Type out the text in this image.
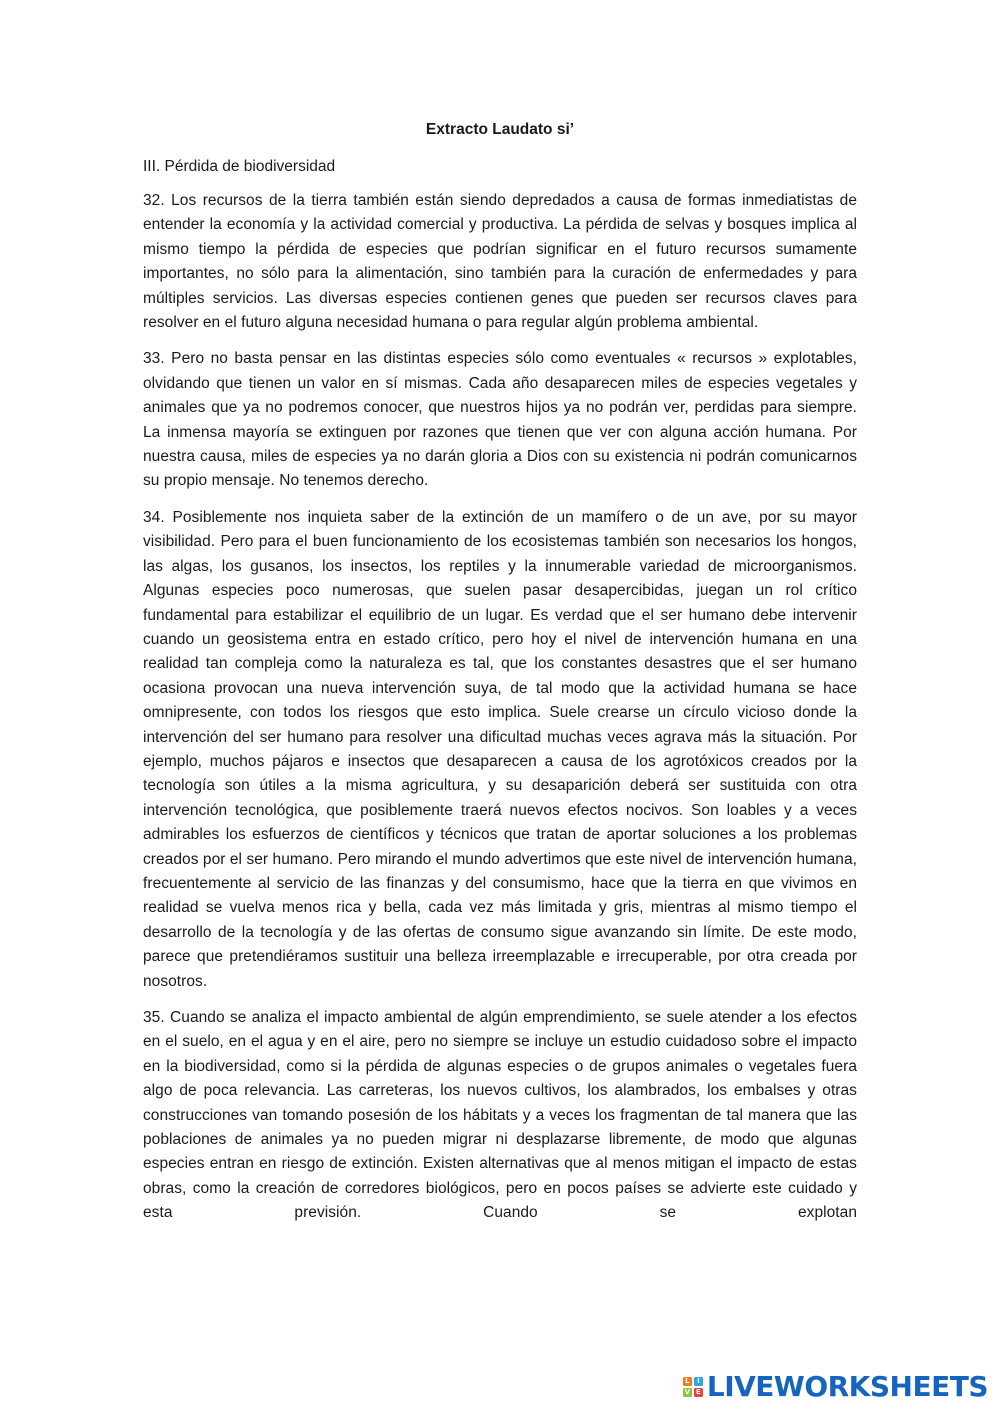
Extracto Laudato si’
III. Pérdida de biodiversidad

32. Los recursos de la tierra también están siendo depredados a causa de formas inmediatistas de entender la economía y la actividad comercial y productiva. La pérdida de selvas y bosques implica al mismo tiempo la pérdida de especies que podrían significar en el futuro recursos sumamente importantes, no sólo para la alimentación, sino también para la curación de enfermedades y para múltiples servicios. Las diversas especies contienen genes que pueden ser recursos claves para resolver en el futuro alguna necesidad humana o para regular algún problema ambiental.

33. Pero no basta pensar en las distintas especies sólo como eventuales « recursos » explotables, olvidando que tienen un valor en sí mismas. Cada año desaparecen miles de especies vegetales y animales que ya no podremos conocer, que nuestros hijos ya no podrán ver, perdidas para siempre. La inmensa mayoría se extinguen por razones que tienen que ver con alguna acción humana. Por nuestra causa, miles de especies ya no darán gloria a Dios con su existencia ni podrán comunicarnos su propio mensaje. No tenemos derecho.

34. Posiblemente nos inquieta saber de la extinción de un mamífero o de un ave, por su mayor visibilidad. Pero para el buen funcionamiento de los ecosistemas también son necesarios los hongos, las algas, los gusanos, los insectos, los reptiles y la innumerable variedad de microorganismos. Algunas especies poco numerosas, que suelen pasar desapercibidas, juegan un rol crítico fundamental para estabilizar el equilibrio de un lugar. Es verdad que el ser humano debe intervenir cuando un geosistema entra en estado crítico, pero hoy el nivel de intervención humana en una realidad tan compleja como la naturaleza es tal, que los constantes desastres que el ser humano ocasiona provocan una nueva intervención suya, de tal modo que la actividad humana se hace omnipresente, con todos los riesgos que esto implica. Suele crearse un círculo vicioso donde la intervención del ser humano para resolver una dificultad muchas veces agrava más la situación. Por ejemplo, muchos pájaros e insectos que desaparecen a causa de los agrotóxicos creados por la tecnología son útiles a la misma agricultura, y su desaparición deberá ser sustituida con otra intervención tecnológica, que posiblemente traerá nuevos efectos nocivos. Son loables y a veces admirables los esfuerzos de científicos y técnicos que tratan de aportar soluciones a los problemas creados por el ser humano. Pero mirando el mundo advertimos que este nivel de intervención humana, frecuentemente al servicio de las finanzas y del consumismo, hace que la tierra en que vivimos en realidad se vuelva menos rica y bella, cada vez más limitada y gris, mientras al mismo tiempo el desarrollo de la tecnología y de las ofertas de consumo sigue avanzando sin límite. De este modo, parece que pretendiéramos sustituir una belleza irreemplazable e irrecuperable, por otra creada por nosotros.

35. Cuando se analiza el impacto ambiental de algún emprendimiento, se suele atender a los efectos en el suelo, en el agua y en el aire, pero no siempre se incluye un estudio cuidadoso sobre el impacto en la biodiversidad, como si la pérdida de algunas especies o de grupos animales o vegetales fuera algo de poca relevancia. Las carreteras, los nuevos cultivos, los alambrados, los embalses y otras construcciones van tomando posesión de los hábitats y a veces los fragmentan de tal manera que las poblaciones de animales ya no pueden migrar ni desplazarse libremente, de modo que algunas especies entran en riesgo de extinción. Existen alternativas que al menos mitigan el impacto de estas obras, como la creación de corredores biológicos, pero en pocos países se advierte este cuidado y esta previsión. Cuando se explotan

L	I
V E LIVEWORKSHEETS
